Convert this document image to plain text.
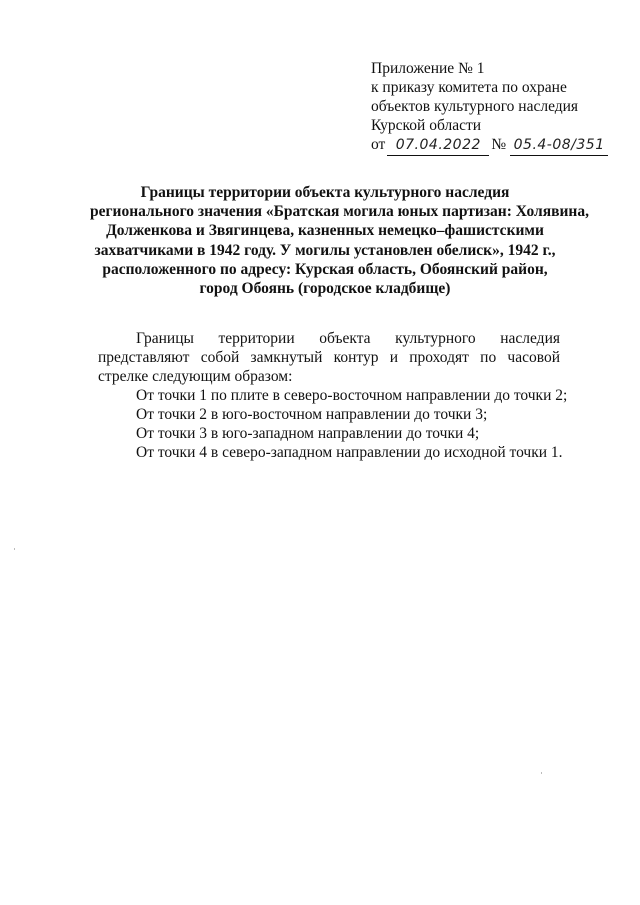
Приложение № 1
к приказу комитета по охране
объектов культурного наследия
Курской области
от 07.04.2022 № 05.4-08/351
Границы территории объекта культурного наследия
регионального значения «Братская могила юных партизан: Холявина,
Долженкова и Звягинцева, казненных немецко–фашистскими
захватчиками в 1942 году. У могилы установлен обелиск», 1942 г.,
расположенного по адресу: Курская область, Обоянский район,
город Обоянь (городское кладбище)

Границы территории объекта культурного наследия представляют собой замкнутый контур и проходят по часовой стрелке следующим образом:

От точки 1 по плите в северо-восточном направлении до точки 2;

От точки 2 в юго-восточном направлении до точки 3;

От точки 3 в юго-западном направлении до точки 4;

От точки 4 в северо-западном направлении до исходной точки 1.
